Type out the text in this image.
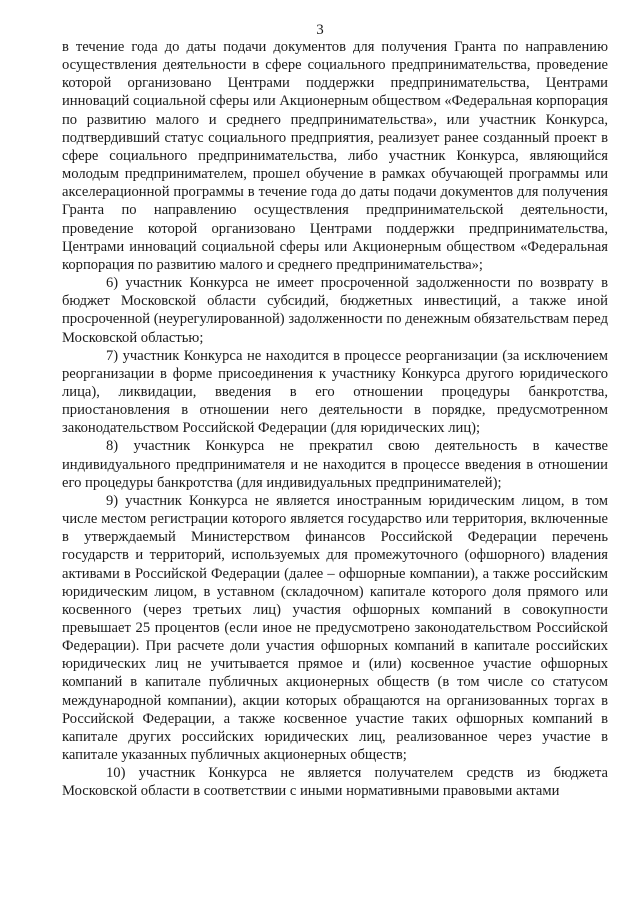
3

в течение года до даты подачи документов для получения Гранта по направлению осуществления деятельности в сфере социального предпринимательства, проведение которой организовано Центрами поддержки предпринимательства, Центрами инноваций социальной сферы или Акционерным обществом «Федеральная корпорация по развитию малого и среднего предпринимательства», или участник Конкурса, подтвердивший статус социального предприятия, реализует ранее созданный проект в сфере социального предпринимательства, либо участник Конкурса, являющийся молодым предпринимателем, прошел обучение в рамках обучающей программы или акселерационной программы в течение года до даты подачи документов для получения Гранта по направлению осуществления предпринимательской деятельности, проведение которой организовано Центрами поддержки предпринимательства, Центрами инноваций социальной сферы или Акционерным обществом «Федеральная корпорация по развитию малого и среднего предпринимательства»;

6) участник Конкурса не имеет просроченной задолженности по возврату в бюджет Московской области субсидий, бюджетных инвестиций, а также иной просроченной (неурегулированной) задолженности по денежным обязательствам перед Московской областью;

7) участник Конкурса не находится в процессе реорганизации (за исключением реорганизации в форме присоединения к участнику Конкурса другого юридического лица), ликвидации, введения в его отношении процедуры банкротства, приостановления в отношении него деятельности в порядке, предусмотренном законодательством Российской Федерации (для юридических лиц);

8) участник Конкурса не прекратил свою деятельность в качестве индивидуального предпринимателя и не находится в процессе введения в отношении его процедуры банкротства (для индивидуальных предпринимателей);

9) участник Конкурса не является иностранным юридическим лицом, в том числе местом регистрации которого является государство или территория, включенные в утверждаемый Министерством финансов Российской Федерации перечень государств и территорий, используемых для промежуточного (офшорного) владения активами в Российской Федерации (далее – офшорные компании), а также российским юридическим лицом, в уставном (складочном) капитале которого доля прямого или косвенного (через третьих лиц) участия офшорных компаний в совокупности превышает 25 процентов (если иное не предусмотрено законодательством Российской Федерации). При расчете доли участия офшорных компаний в капитале российских юридических лиц не учитывается прямое и (или) косвенное участие офшорных компаний в капитале публичных акционерных обществ (в том числе со статусом международной компании), акции которых обращаются на организованных торгах в Российской Федерации, а также косвенное участие таких офшорных компаний в капитале других российских юридических лиц, реализованное через участие в капитале указанных публичных акционерных обществ;

10) участник Конкурса не является получателем средств из бюджета Московской области в соответствии с иными нормативными правовыми актами
